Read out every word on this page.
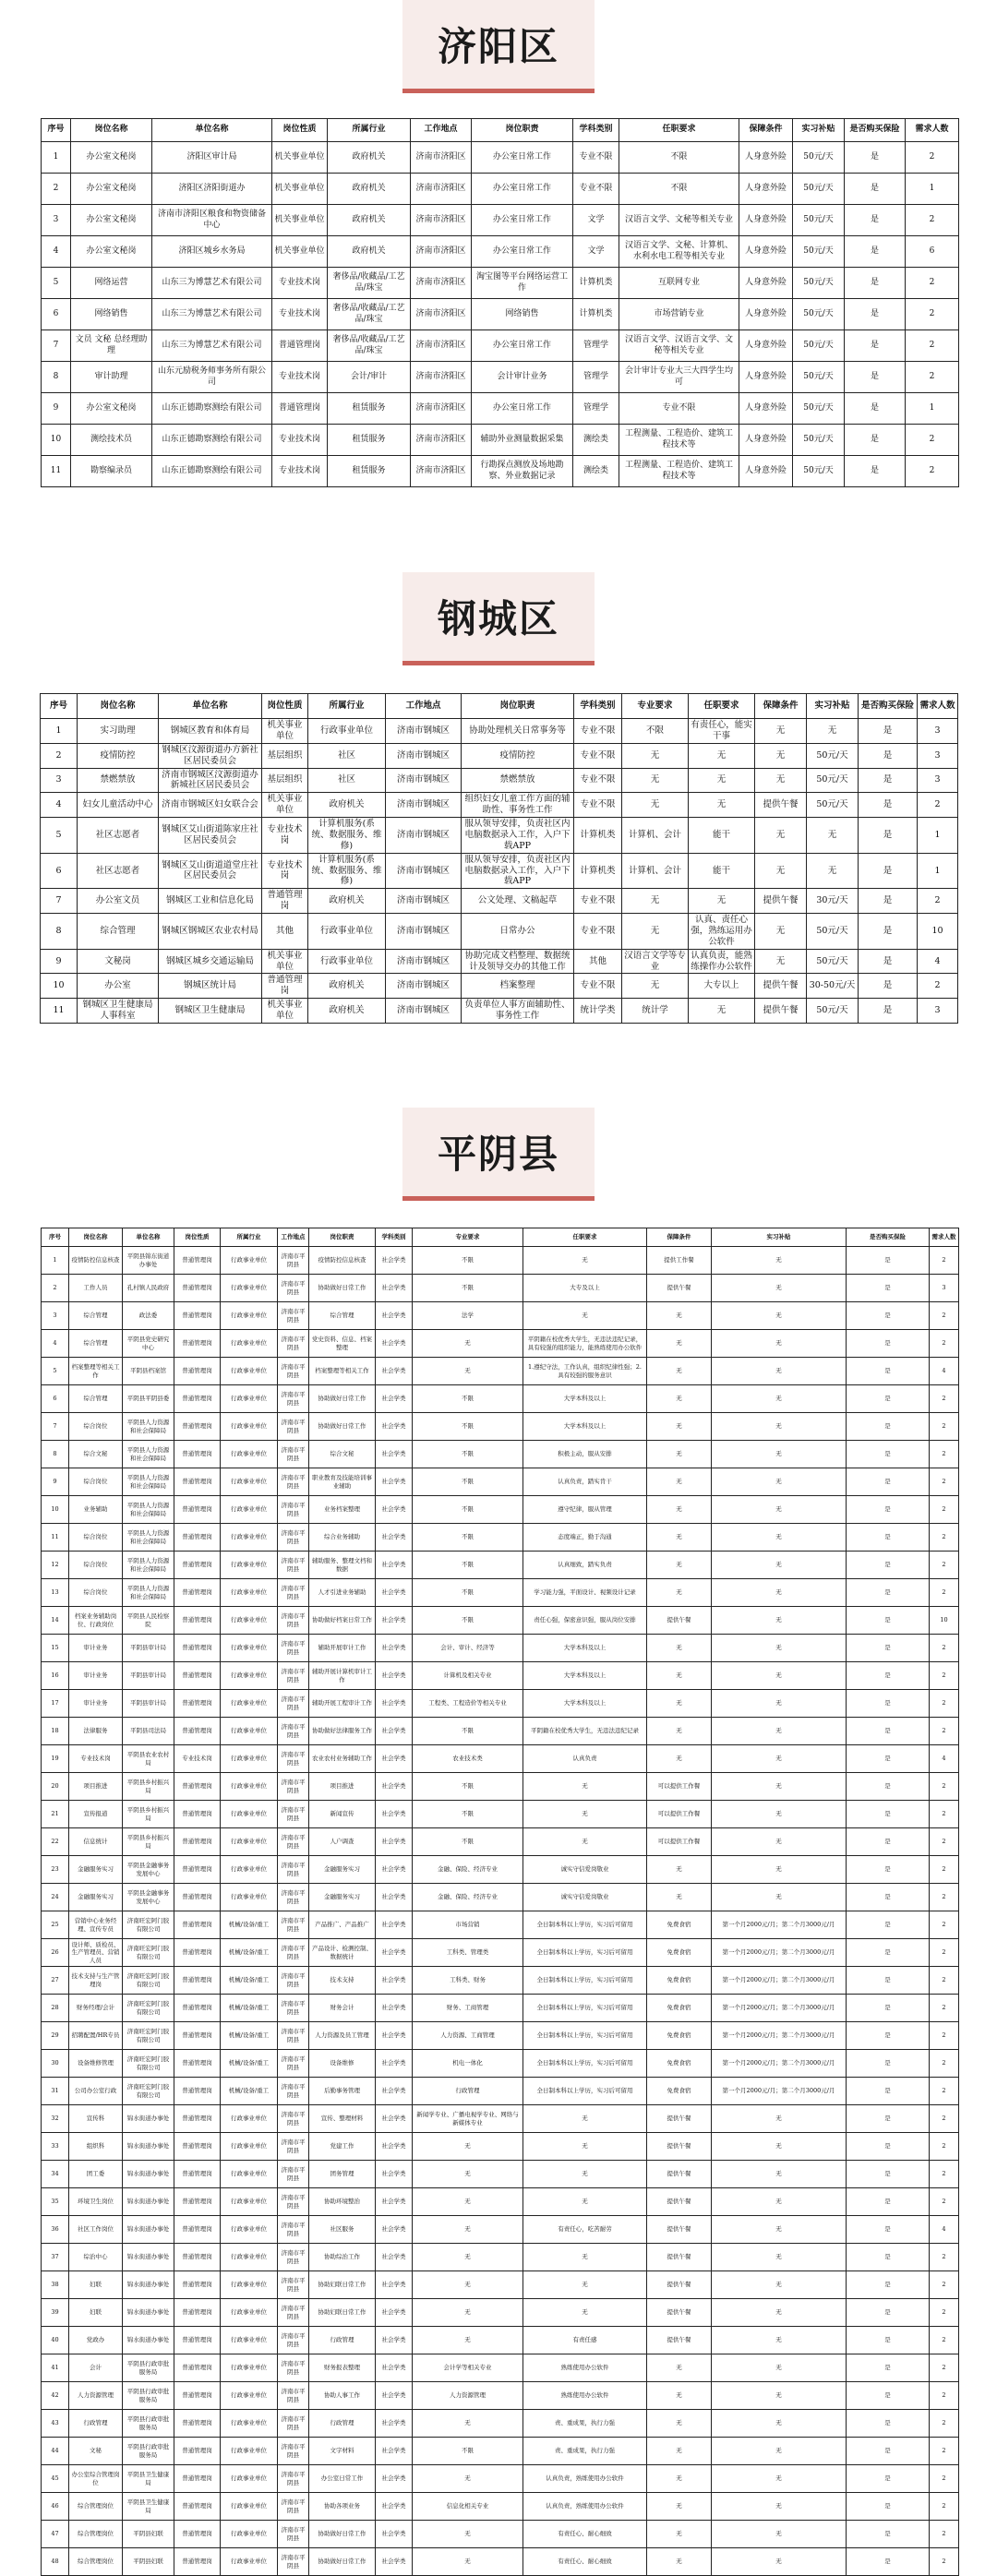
济阳区
序号	岗位名称	单位名称	岗位性质	所属行业	工作地点	岗位职责	学科类别	任职要求	保障条件	实习补贴	是否购买保险	需求人数
1	办公室文秘岗	济阳区审计局	机关事业单位	政府机关	济南市济阳区	办公室日常工作	专业不限	不限	人身意外险	50元/天	是	2
2	办公室文秘岗	济阳区济阳街道办	机关事业单位	政府机关	济南市济阳区	办公室日常工作	专业不限	不限	人身意外险	50元/天	是	1
3	办公室文秘岗	济南市济阳区粮食和物资储备中心	机关事业单位	政府机关	济南市济阳区	办公室日常工作	文学	汉语言文学、文秘等相关专业	人身意外险	50元/天	是	2
4	办公室文秘岗	济阳区城乡水务局	机关事业单位	政府机关	济南市济阳区	办公室日常工作	文学	汉语言文学、文秘、计算机、水利水电工程等相关专业	人身意外险	50元/天	是	6
5	网络运营	山东三为博慧艺术有限公司	专业技术岗	奢侈品/收藏品/工艺品/珠宝	济南市济阳区	淘宝图等平台网络运营工作	计算机类	互联网专业	人身意外险	50元/天	是	2
6	网络销售	山东三为博慧艺术有限公司	专业技术岗	奢侈品/收藏品/工艺品/珠宝	济南市济阳区	网络销售	计算机类	市场营销专业	人身意外险	50元/天	是	2
7	文员 文秘 总经理助理	山东三为博慧艺术有限公司	普通管理岗	奢侈品/收藏品/工艺品/珠宝	济南市济阳区	办公室日常工作	管理学	汉语言文学、汉语言文学、文秘等相关专业	人身意外险	50元/天	是	2
8	审计助理	山东元励税务师事务所有限公司	专业技术岗	会计/审计	济南市济阳区	会计审计业务	管理学	会计审计专业大三大四学生均可	人身意外险	50元/天	是	2
9	办公室文秘岗	山东正德勘察测绘有限公司	普通管理岗	租赁服务	济南市济阳区	办公室日常工作	管理学	专业不限	人身意外险	50元/天	是	1
10	测绘技术员	山东正德勘察测绘有限公司	专业技术岗	租赁服务	济南市济阳区	辅助外业测量数据采集	测绘类	工程测量、工程造价、建筑工程技术等	人身意外险	50元/天	是	2
11	勘察编录员	山东正德勘察测绘有限公司	专业技术岗	租赁服务	济南市济阳区	行勘探点测放及场地勘察、外业数据记录	测绘类	工程测量、工程造价、建筑工程技术等	人身意外险	50元/天	是	2
钢城区
序号	岗位名称	单位名称	岗位性质	所属行业	工作地点	岗位职责	学科类别	专业要求	任职要求	保障条件	实习补贴	是否购买保险	需求人数
1	实习助理	钢城区教育和体育局	机关事业单位	行政事业单位	济南市钢城区	协助处理机关日常事务等	专业不限	不限	有责任心，能实干事	无	无	是	3
2	疫情防控	钢城区汶源街道办方新社区居民委员会	基层组织	社区	济南市钢城区	疫情防控	专业不限	无	无	无	50元/天	是	3
3	禁燃禁放	济南市钢城区汶源街道办新城社区居民委员会	基层组织	社区	济南市钢城区	禁燃禁放	专业不限	无	无	无	50元/天	是	3
4	妇女儿童活动中心	济南市钢城区妇女联合会	机关事业单位	政府机关	济南市钢城区	组织妇女儿童工作方面的辅助性、事务性工作	专业不限	无	无	提供午餐	50元/天	是	2
5	社区志愿者	钢城区艾山街道陈家庄社区居民委员会	专业技术岗	计算机服务(系统、数据服务、维修)	济南市钢城区	服从领导安排，负责社区内电脑数据录入工作，入户下载APP	计算机类	计算机、会计	能干	无	无	是	1
6	社区志愿者	钢城区艾山街道道堂庄社区居民委员会	专业技术岗	计算机服务(系统、数据服务、维修)	济南市钢城区	服从领导安排，负责社区内电脑数据录入工作，入户下载APP	计算机类	计算机、会计	能干	无	无	是	1
7	办公室文员	钢城区工业和信息化局	普通管理岗	政府机关	济南市钢城区	公文处理、文稿起草	专业不限	无	无	提供午餐	30元/天	是	2
8	综合管理	钢城区钢城区农业农村局	其他	行政事业单位	济南市钢城区	日常办公	专业不限	无	认真、责任心强，熟练运用办公软件	无	50元/天	是	10
9	文秘岗	钢城区城乡交通运输局	机关事业单位	行政事业单位	济南市钢城区	协助完成文档整理、数据统计及领导交办的其他工作	其他	汉语言文学等专业	认真负责，能熟练操作办公软件	无	50元/天	是	4
10	办公室	钢城区统计局	普通管理岗	政府机关	济南市钢城区	档案整理	专业不限	无	大专以上	提供午餐	30-50元/天	是	2
11	钢城区卫生健康局人事科室	钢城区卫生健康局	机关事业单位	政府机关	济南市钢城区	负责单位人事方面辅助性、事务性工作	统计学类	统计学	无	提供午餐	50元/天	是	3
平阴县
序号	岗位名称	单位名称	岗位性质	所属行业	工作地点	岗位职责	学科类别	专业要求	任职要求	保障条件	实习补贴	是否购买保险	需求人数
1	疫情防控信息核查	平阴县锦东街道办事处	普通管理岗	行政事业单位	济南市平阴县	疫情防控信息核查	社会学类	不限	无	提供工作餐	无	是	2
2	工作人员	孔村镇人民政府	普通管理岗	行政事业单位	济南市平阴县	协助做好日常工作	社会学类	不限	大专及以上	提供午餐	无	是	3
3	综合管理	政法委	普通管理岗	行政事业单位	济南市平阴县	综合管理	社会学类	法学	无	无	无	是	2
4	综合管理	平阴县党史研究中心	普通管理岗	行政事业单位	济南市平阴县	党史资料、信息、档案整理	社会学类	无	平阴籍在校优秀大学生，无违法违纪记录，具有较强的组织能力，能熟练使用办公软件	无	无	是	2
5	档案整理等相关工作	平阴县档案馆	普通管理岗	行政事业单位	济南市平阴县	档案整理等相关工作	社会学类	无	1.遵纪守法，工作认真，组织纪律性强；2.具有较强的服务意识	无	无	是	4
6	综合管理	平阴县平阴县委	普通管理岗	行政事业单位	济南市平阴县	协助做好日常工作	社会学类	不限	大学本科及以上	无	无	是	2
7	综合岗位	平阴县人力资源和社会保障局	普通管理岗	行政事业单位	济南市平阴县	协助做好日常工作	社会学类	不限	大学本科及以上	无	无	是	2
8	综合文秘	平阴县人力资源和社会保障局	普通管理岗	行政事业单位	济南市平阴县	综合文秘	社会学类	不限	积极主动，服从安排	无	无	是	2
9	综合岗位	平阴县人力资源和社会保障局	普通管理岗	行政事业单位	济南市平阴县	职业教育及技能培训事业辅助	社会学类	不限	认真负责，踏实肯干	无	无	是	2
10	业务辅助	平阴县人力资源和社会保障局	普通管理岗	行政事业单位	济南市平阴县	业务档案整理	社会学类	不限	遵守纪律，服从管理	无	无	是	2
11	综合岗位	平阴县人力资源和社会保障局	普通管理岗	行政事业单位	济南市平阴县	综合业务辅助	社会学类	不限	态度端正，勤于沟通	无	无	是	2
12	综合岗位	平阴县人力资源和社会保障局	普通管理岗	行政事业单位	济南市平阴县	辅助服务、整理文档和数据	社会学类	不限	认真细致，踏实负责	无	无	是	2
13	综合岗位	平阴县人力资源和社会保障局	普通管理岗	行政事业单位	济南市平阴县	人才引进业务辅助	社会学类	不限	学习能力强，平面设计、视频设计记录	无	无	是	2
14	档案业务辅助岗位、行政岗位	平阴县人民检察院	普通管理岗	行政事业单位	济南市平阴县	协助做好档案日常工作	社会学类	不限	责任心强，保密意识强，服从岗位安排	提供午餐	无	是	10
15	审计业务	平阴县审计局	普通管理岗	行政事业单位	济南市平阴县	辅助开展审计工作	社会学类	会计、审计、经济等	大学本科及以上	无	无	是	2
16	审计业务	平阴县审计局	普通管理岗	行政事业单位	济南市平阴县	辅助开展计算机审计工作	社会学类	计算机及相关专业	大学本科及以上	无	无	是	2
17	审计业务	平阴县审计局	普通管理岗	行政事业单位	济南市平阴县	辅助开展工程审计工作	社会学类	工程类、工程造价等相关专业	大学本科及以上	无	无	是	2
18	法律服务	平阴县司法局	普通管理岗	行政事业单位	济南市平阴县	协助做好法律服务工作	社会学类	不限	平阴籍在校优秀大学生，无违法违纪记录	无	无	是	2
19	专业技术岗	平阴县农业农村局	专业技术岗	行政事业单位	济南市平阴县	农业农村业务辅助工作	社会学类	农业技术类	认真负责	无	无	是	4
20	项目推进	平阴县乡村振兴局	普通管理岗	行政事业单位	济南市平阴县	项目推进	社会学类	不限	无	可以提供工作餐	无	是	2
21	宣传报道	平阴县乡村振兴局	普通管理岗	行政事业单位	济南市平阴县	新闻宣传	社会学类	不限	无	可以提供工作餐	无	是	2
22	信息统计	平阴县乡村振兴局	普通管理岗	行政事业单位	济南市平阴县	人户调查	社会学类	不限	无	可以提供工作餐	无	是	2
23	金融服务实习	平阴县金融事务发展中心	普通管理岗	行政事业单位	济南市平阴县	金融服务实习	社会学类	金融、保险、经济专业	诚实守信爱岗敬业	无	无	是	2
24	金融服务实习	平阴县金融事务发展中心	普通管理岗	行政事业单位	济南市平阴县	金融服务实习	社会学类	金融、保险、经济专业	诚实守信爱岗敬业	无	无	是	2
25	营销中心业务经理、宣传专员	济南旺宏阿门胶有限公司	普通管理岗	机械/设备/重工	济南市平阴县	产品推广、产品推广	社会学类	市场营销	全日制本科以上学历，实习后可留用	免费食宿	第一个月2000元/月；第二个月3000元/月	是	2
26	设计师、质检员、生产管理员、营销人员	济南旺宏阿门胶有限公司	普通管理岗	机械/设备/重工	济南市平阴县	产品设计、检测控制、数据统计	社会学类	工科类、管理类	全日制本科以上学历，实习后可留用	免费食宿	第一个月2000元/月；第二个月3000元/月	是	2
27	技术支持与生产管理岗	济南旺宏阿门胶有限公司	普通管理岗	机械/设备/重工	济南市平阴县	技术支持	社会学类	工科类、财务	全日制本科以上学历，实习后可留用	免费食宿	第一个月2000元/月；第二个月3000元/月	是	2
28	财务经理/会计	济南旺宏阿门胶有限公司	普通管理岗	机械/设备/重工	济南市平阴县	财务会计	社会学类	财务、工商管理	全日制本科以上学历，实习后可留用	免费食宿	第一个月2000元/月；第二个月3000元/月	是	2
29	招聘配置/HR专员	济南旺宏阿门胶有限公司	普通管理岗	机械/设备/重工	济南市平阴县	人力资源及员工管理	社会学类	人力资源、工商管理	全日制本科以上学历，实习后可留用	免费食宿	第一个月2000元/月；第二个月3000元/月	是	2
30	设备维修管理	济南旺宏阿门胶有限公司	普通管理岗	机械/设备/重工	济南市平阴县	设备维修	社会学类	机电一体化	全日制本科以上学历，实习后可留用	免费食宿	第一个月2000元/月；第二个月3000元/月	是	2
31	公司办公室行政	济南旺宏阿门胶有限公司	普通管理岗	机械/设备/重工	济南市平阴县	后勤事务管理	社会学类	行政管理	全日制本科以上学历，实习后可留用	免费食宿	第一个月2000元/月；第二个月3000元/月	是	2
32	宣传科	锦水街道办事处	普通管理岗	行政事业单位	济南市平阴县	宣传、整理材料	社会学类	新闻学专业、广播电视学专业、网络与新媒体专业	无	提供午餐	无	是	2
33	组织科	锦水街道办事处	普通管理岗	行政事业单位	济南市平阴县	党建工作	社会学类	无	无	提供午餐	无	是	2
34	团工委	锦水街道办事处	普通管理岗	行政事业单位	济南市平阴县	团务管理	社会学类	无	无	提供午餐	无	是	2
35	环境卫生岗位	锦水街道办事处	普通管理岗	行政事业单位	济南市平阴县	协助环境整治	社会学类	无	无	提供午餐	无	是	2
36	社区工作岗位	锦水街道办事处	普通管理岗	行政事业单位	济南市平阴县	社区服务	社会学类	无	有责任心，吃苦耐劳	提供午餐	无	是	4
37	综治中心	锦水街道办事处	普通管理岗	行政事业单位	济南市平阴县	协助综治工作	社会学类	无	无	提供午餐	无	是	2
38	妇联	锦水街道办事处	普通管理岗	行政事业单位	济南市平阴县	协助妇联日常工作	社会学类	无	无	提供午餐	无	是	2
39	妇联	锦水街道办事处	普通管理岗	行政事业单位	济南市平阴县	协助妇联日常工作	社会学类	无	无	提供午餐	无	是	2
40	党政办	锦水街道办事处	普通管理岗	行政事业单位	济南市平阴县	行政管理	社会学类	无	有责任感	提供午餐	无	是	2
41	会计	平阴县行政审批服务局	普通管理岗	行政事业单位	济南市平阴县	财务报表整理	社会学类	会计学等相关专业	熟练使用办公软件	无	无	是	2
42	人力资源管理	平阴县行政审批服务局	普通管理岗	行政事业单位	济南市平阴县	协助人事工作	社会学类	人力资源管理	熟练使用办公软件	无	无	是	2
43	行政管理	平阴县行政审批服务局	普通管理岗	行政事业单位	济南市平阴县	行政管理	社会学类	无	责、重成果，执行力强	无	无	是	2
44	文秘	平阴县行政审批服务局	普通管理岗	行政事业单位	济南市平阴县	文字材料	社会学类	不限	责、重成果，执行力强	无	无	是	2
45	办公室综合管理岗位	平阴县卫生健康局	普通管理岗	行政事业单位	济南市平阴县	办公室日常工作	社会学类	无	认真负责，熟练使用办公软件	无	无	是	2
46	综合管理岗位	平阴县卫生健康局	普通管理岗	行政事业单位	济南市平阴县	协助各项业务	社会学类	信息化相关专业	认真负责，熟练使用办公软件	无	无	是	2
47	综合管理岗位	平阴县妇联	普通管理岗	行政事业单位	济南市平阴县	协助做好日常工作	社会学类	无	有责任心、耐心细致	无	无	是	2
48	综合管理岗位	平阴县妇联	普通管理岗	行政事业单位	济南市平阴县	协助做好日常工作	社会学类	无	有责任心、耐心细致	无	无	是	2
